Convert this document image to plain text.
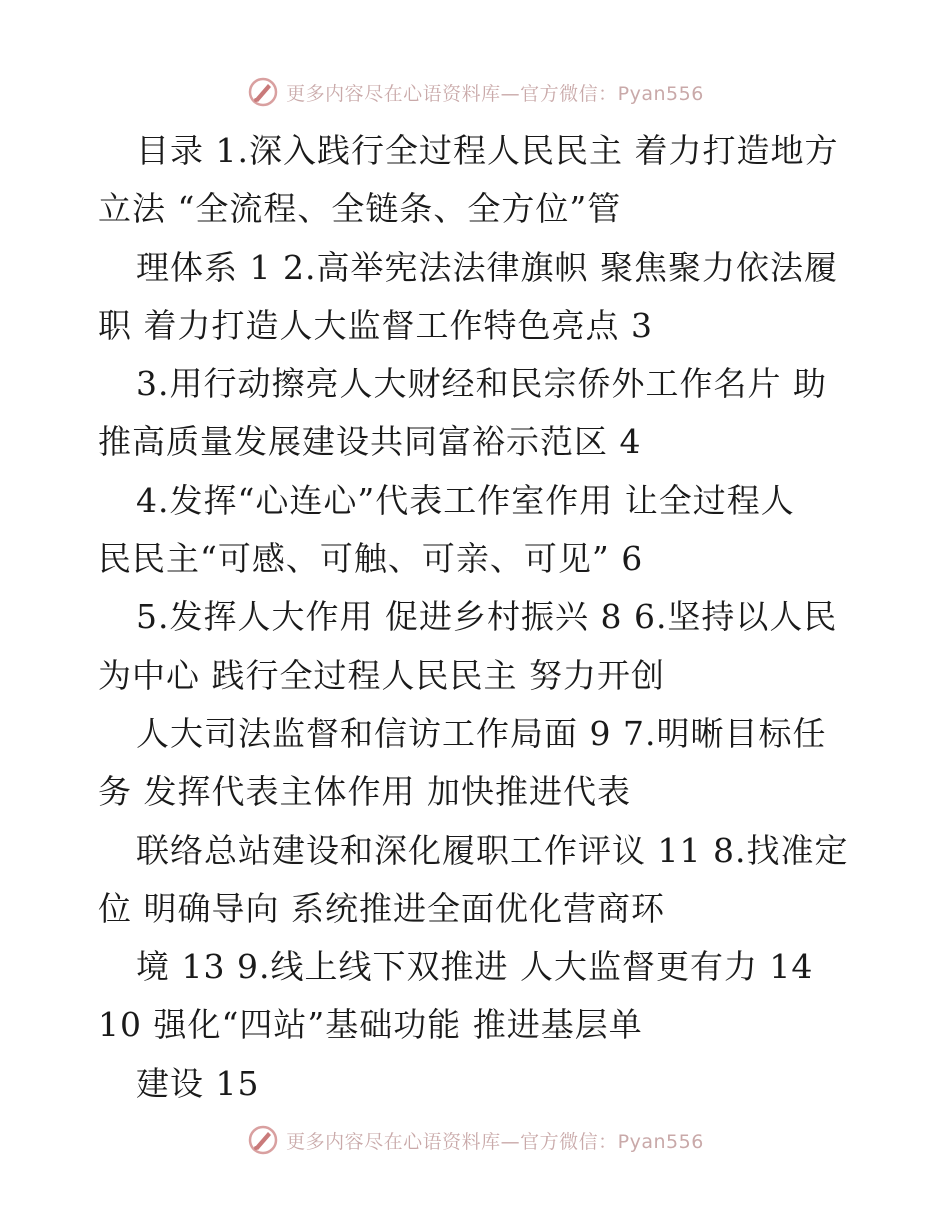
更多内容尽在心语资料库—官方微信：Pyan556
目录 1.深入践行全过程人民民主 着力打造地方
立法 “全流程、全链条、全方位”管
理体系 1 2.高举宪法法律旗帜 聚焦聚力依法履
职 着力打造人大监督工作特色亮点 3
3.用行动擦亮人大财经和民宗侨外工作名片 助
推高质量发展建设共同富裕示范区 4
4.发挥“心连心”代表工作室作用 让全过程人
民民主“可感、可触、可亲、可见” 6
5.发挥人大作用 促进乡村振兴 8 6.坚持以人民
为中心 践行全过程人民民主 努力开创
人大司法监督和信访工作局面 9 7.明晰目标任
务 发挥代表主体作用 加快推进代表
联络总站建设和深化履职工作评议 11 8.找准定
位 明确导向 系统推进全面优化营商环
境 13 9.线上线下双推进 人大监督更有力 14
10 强化“四站”基础功能 推进基层单
建设 15
更多内容尽在心语资料库—官方微信：Pyan556
